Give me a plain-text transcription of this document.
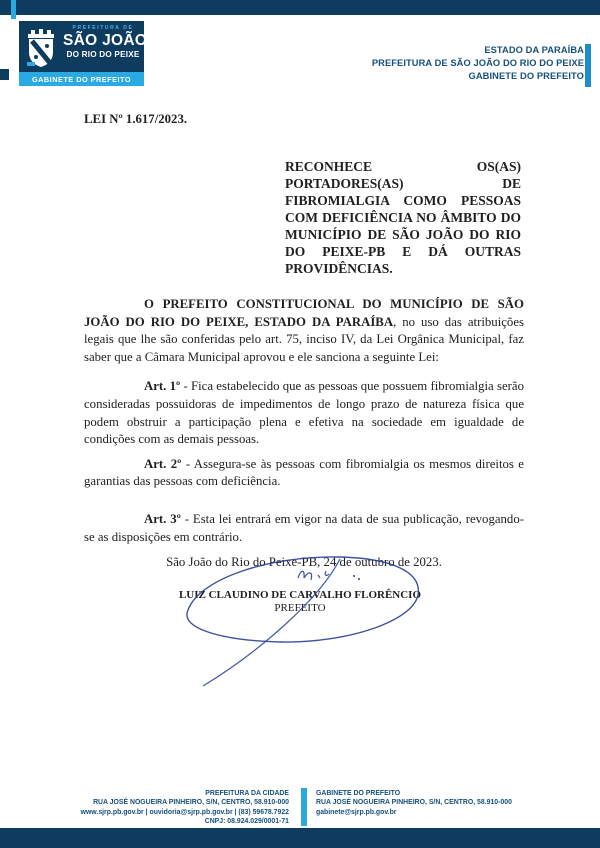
PREFEITURA DE
SÃO JOÃO
DO RIO DO PEIXE
GABINETE DO PREFEITO
ESTADO DA PARAÍBA
PREFEITURA DE SÃO JOÃO DO RIO DO PEIXE
GABINETE DO PREFEITO

LEI Nº 1.617/2023.

RECONHECE OS(AS) PORTADORES(AS) DE FIBROMIALGIA COMO PESSOAS COM DEFICIÊNCIA NO ÂMBITO DO MUNICÍPIO DE SÃO JOÃO DO RIO DO PEIXE-PB E DÁ OUTRAS PROVIDÊNCIAS.

O PREFEITO CONSTITUCIONAL DO MUNICÍPIO DE SÃO JOÃO DO RIO DO PEIXE, ESTADO DA PARAÍBA, no uso das atribuições legais que lhe são conferidas pelo art. 75, inciso IV, da Lei Orgânica Municipal, faz saber que a Câmara Municipal aprovou e ele sanciona a seguinte Lei:

Art. 1º - Fica estabelecido que as pessoas que possuem fibromialgia serão consideradas possuidoras de impedimentos de longo prazo de natureza física que podem obstruir a participação plena e efetiva na sociedade em igualdade de condições com as demais pessoas.

Art. 2º - Assegura-se às pessoas com fibromialgia os mesmos direitos e garantias das pessoas com deficiência.

Art. 3º - Esta lei entrará em vigor na data de sua publicação, revogando-se as disposições em contrário.

São João do Rio do Peixe-PB, 24 de outubro de 2023.

LUIZ CLAUDINO DE CARVALHO FLORÊNCIO
PREFEITO
PREFEITURA DA CIDADE
RUA JOSÉ NOGUEIRA PINHEIRO, S/N, CENTRO, 58.910-000
www.sjrp.pb.gov.br | ouvidoria@sjrp.pb.gov.br | (83) 59678.7922
CNPJ: 08.924.029/0001-71
GABINETE DO PREFEITO
RUA JOSÉ NOGUEIRA PINHEIRO, S/N, CENTRO, 58.910-000
gabinete@sjrp.pb.gov.br
